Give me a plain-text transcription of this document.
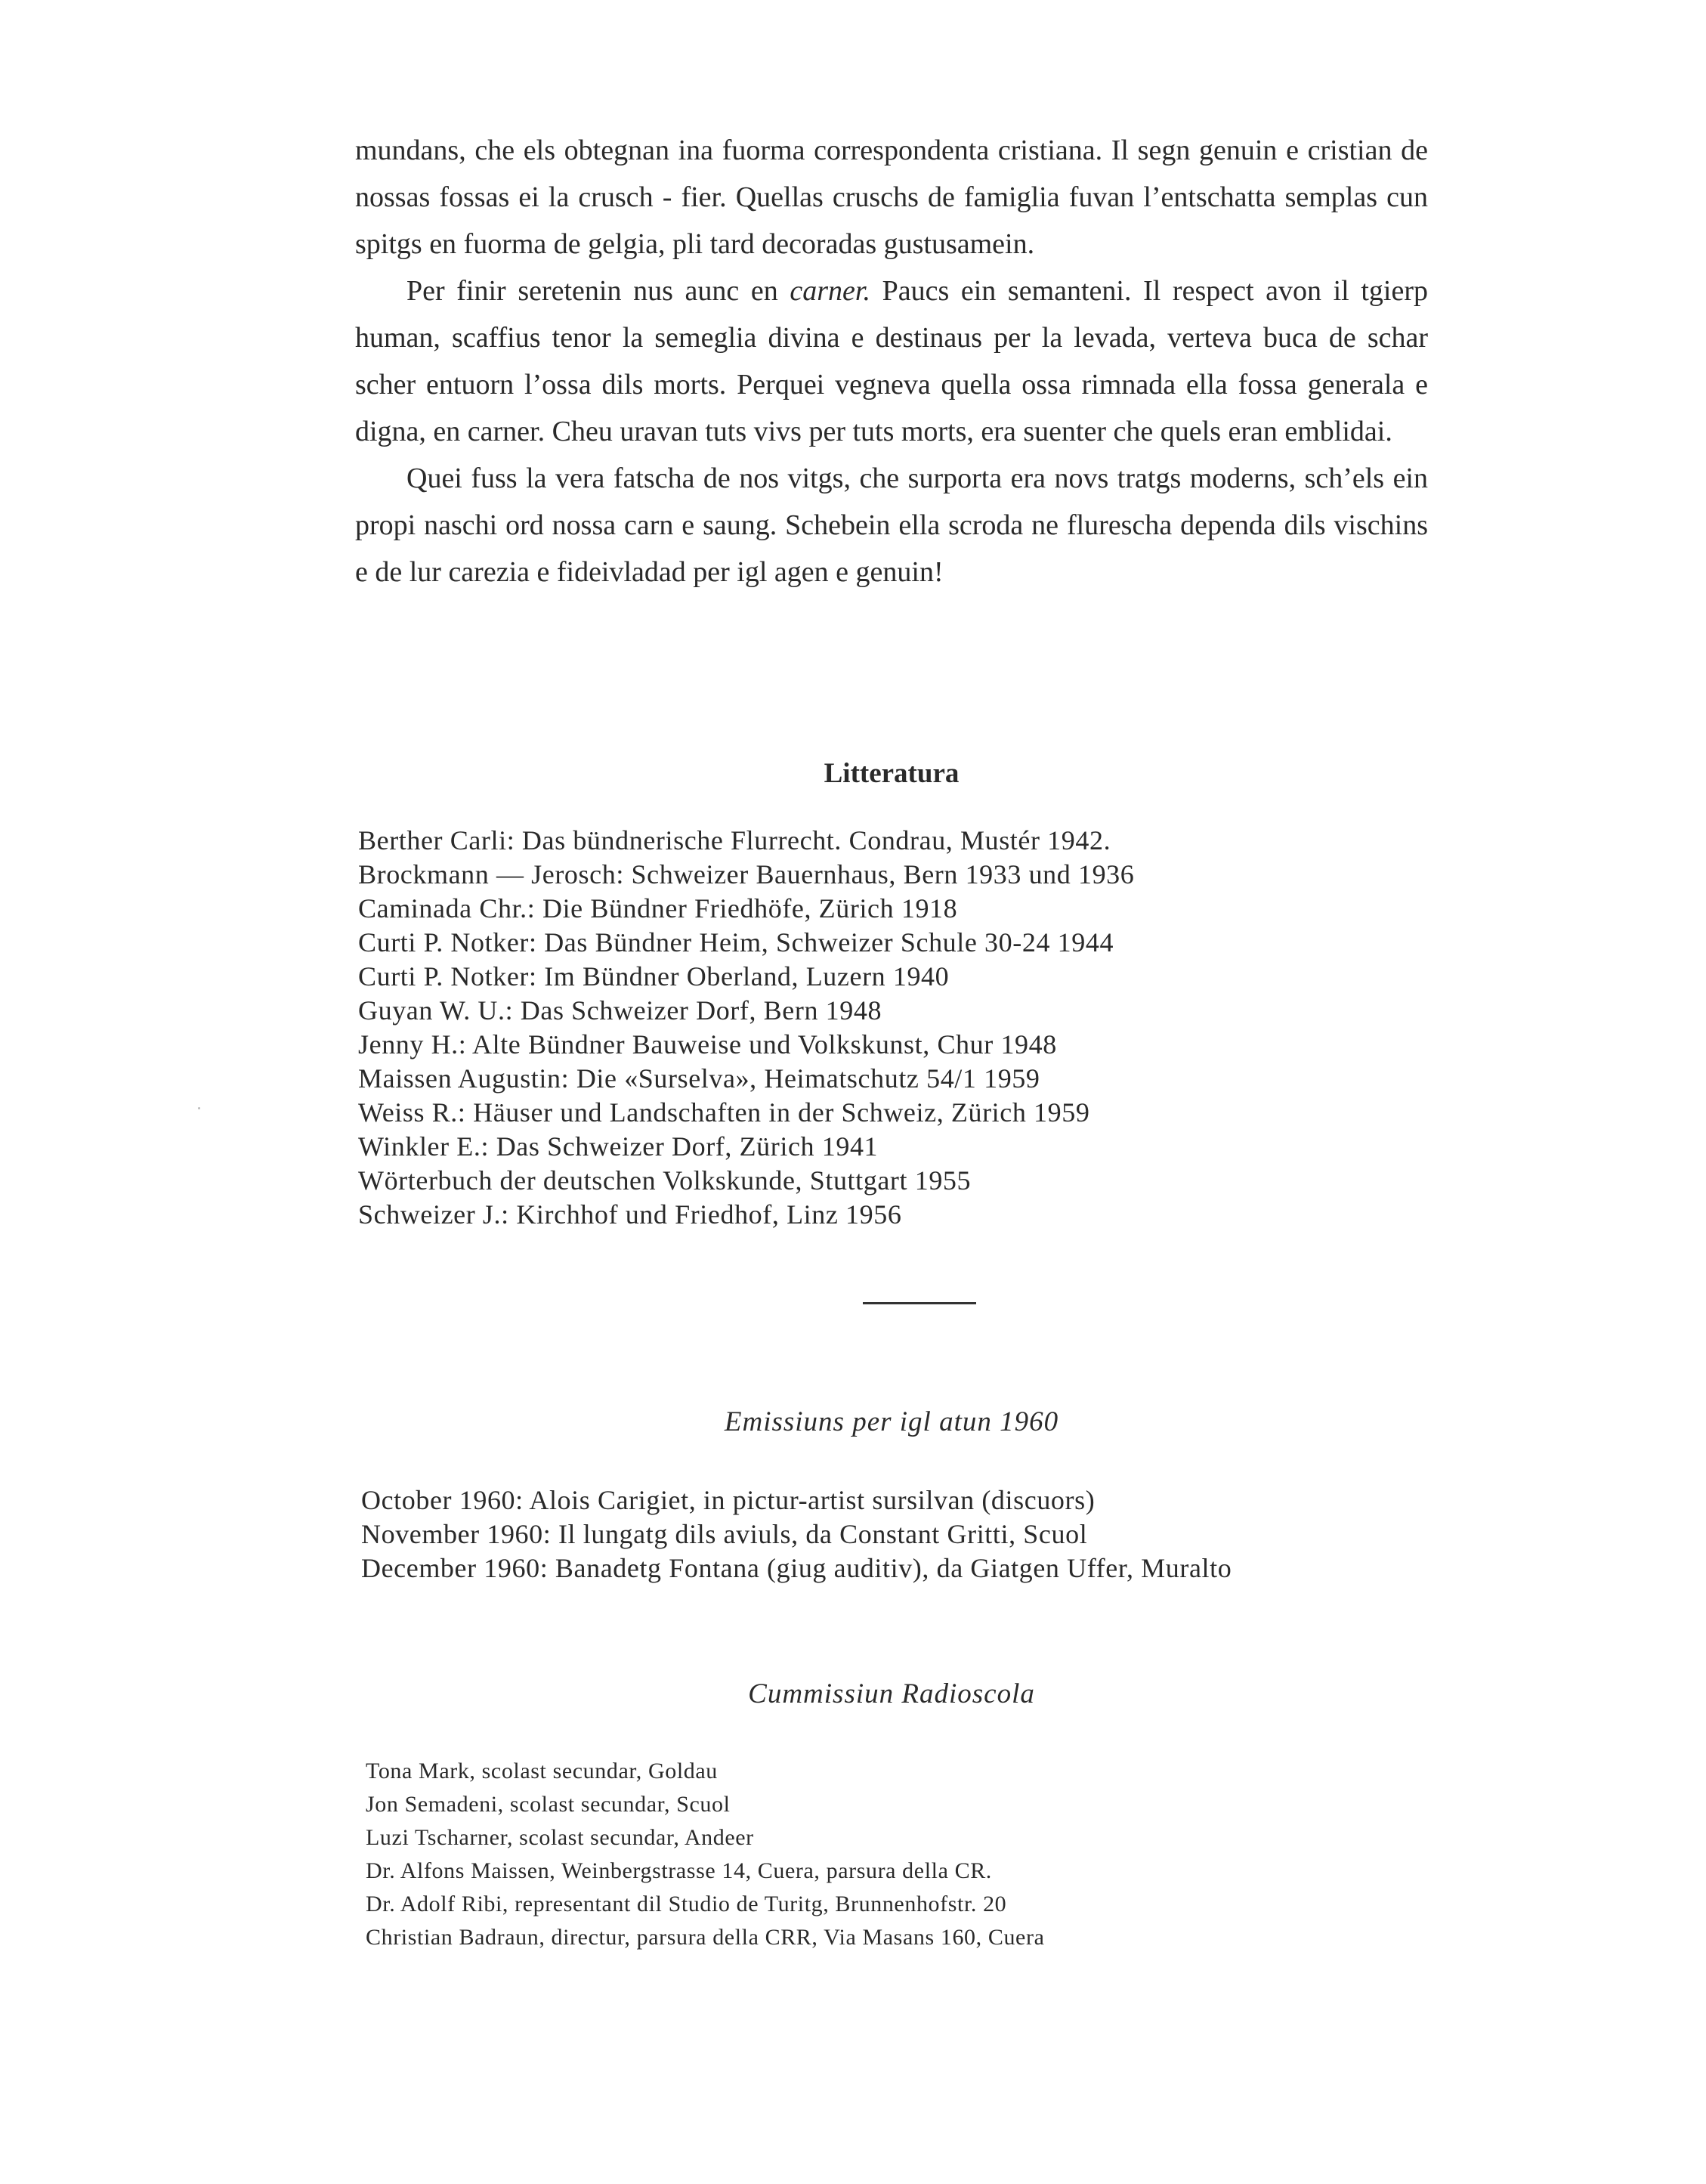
mundans, che els obtegnan ina fuorma correspondenta cristiana. Il segn genuin e cristian de nossas fossas ei la crusch - fier. Quellas cruschs de famiglia fuvan l’entschatta semplas cun spitgs en fuorma de gelgia, pli tard decoradas gustusamein.

Per finir seretenin nus aunc en carner. Paucs ein semanteni. Il respect avon il tgierp human, scaffius tenor la semeglia divina e destinaus per la levada, verteva buca de schar scher entuorn l’ossa dils morts. Perquei vegneva quella ossa rimnada ella fossa generala e digna, en carner. Cheu uravan tuts vivs per tuts morts, era suenter che quels eran emblidai.

Quei fuss la vera fatscha de nos vitgs, che surporta era novs tratgs moderns, sch’els ein propi naschi ord nossa carn e saung. Schebein ella scroda ne flurescha dependa dils vischins e de lur carezia e fideivladad per igl agen e genuin!

Litteratura
Berther Carli: Das bündnerische Flurrecht. Condrau, Mustér 1942.
Brockmann — Jerosch: Schweizer Bauernhaus, Bern 1933 und 1936
Caminada Chr.: Die Bündner Friedhöfe, Zürich 1918
Curti P. Notker: Das Bündner Heim, Schweizer Schule 30-24 1944
Curti P. Notker: Im Bündner Oberland, Luzern 1940
Guyan W. U.: Das Schweizer Dorf, Bern 1948
Jenny H.: Alte Bündner Bauweise und Volkskunst, Chur 1948
Maissen Augustin: Die «Surselva», Heimatschutz 54/1 1959
Weiss R.: Häuser und Landschaften in der Schweiz, Zürich 1959
Winkler E.: Das Schweizer Dorf, Zürich 1941
Wörterbuch der deutschen Volkskunde, Stuttgart 1955
Schweizer J.: Kirchhof und Friedhof, Linz 1956
Emissiuns per igl atun 1960
October 1960: Alois Carigiet, in pictur-artist sursilvan (discuors)
November 1960: Il lungatg dils aviuls, da Constant Gritti, Scuol
December 1960: Banadetg Fontana (giug auditiv), da Giatgen Uffer, Muralto
Cummissiun Radioscola
Tona Mark, scolast secundar, Goldau
Jon Semadeni, scolast secundar, Scuol
Luzi Tscharner, scolast secundar, Andeer
Dr. Alfons Maissen, Weinbergstrasse 14, Cuera, parsura della CR.
Dr. Adolf Ribi, representant dil Studio de Turitg, Brunnenhofstr. 20
Christian Badraun, directur, parsura della CRR, Via Masans 160, Cuera
